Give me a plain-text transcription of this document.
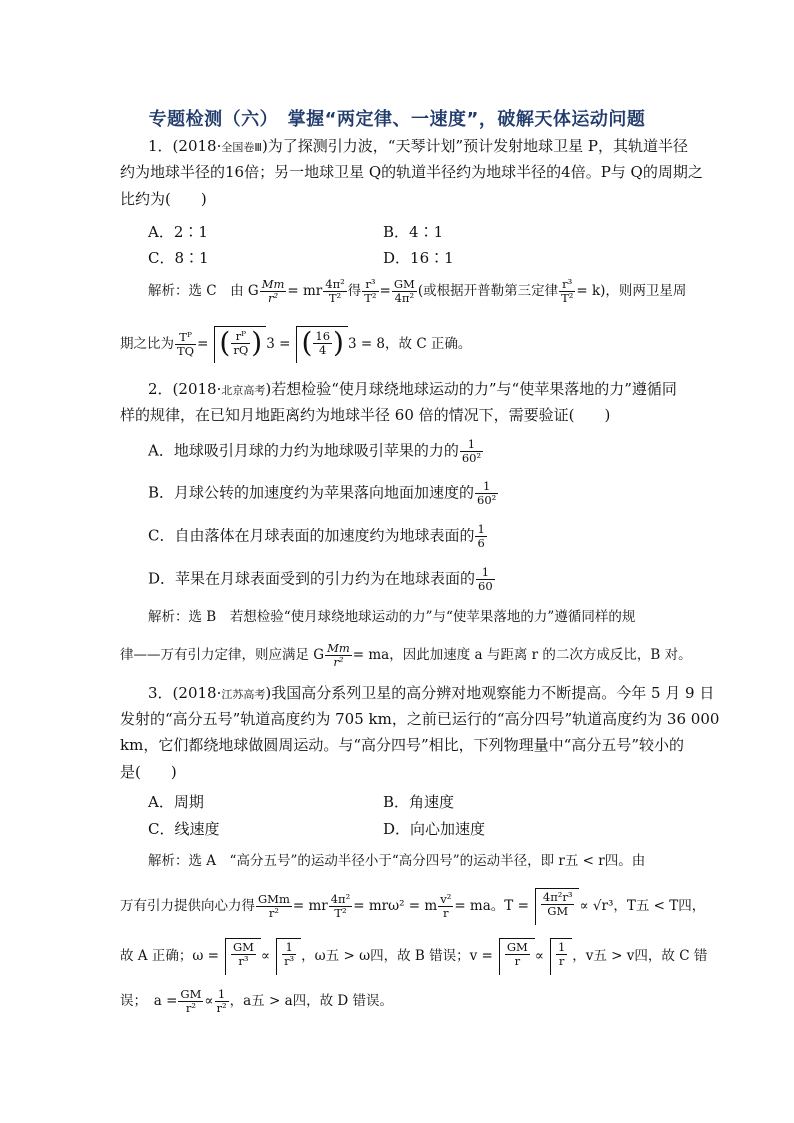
专题检测（六）　掌握“两定律、一速度”，破解天体运动问题
1．(2018·全国卷Ⅲ)为了探测引力波，“天琴计划”预计发射地球卫星 P，其轨道半径
约为地球半径的16倍；另一地球卫星 Q的轨道半径约为地球半径的4倍。P与 Q的周期之
比约为(　　)
A．2∶1	B．4∶1
C．8∶1	D．16∶1
解析：选 C　由 G $\frac{Mm}{\text{r²}}$ = mr $\frac{\text{4π²}}{\text{T²}}$ 得 $\frac{\text{r³}}{\text{T²}} = \frac{GM}{\text{4π²}}$ (或根据开普勒第三定律 $\frac{\text{r³}}{\text{T²}} = k$)，则两卫星周
期之比为 $\frac{\text{Tᴾ}}{TQ}$ = ( $\frac{\text{rᴾ}}{rQ}$ ) 3 = ( $\frac{16}{4}$ ) 3 = 8，故 C 正确。
2．(2018·北京高考)若想检验“使月球绕地球运动的力”与“使苹果落地的力”遵循同
样的规律，在已知月地距离约为地球半径 60 倍的情况下，需要验证(　　)
A．地球吸引月球的力约为地球吸引苹果的力的 $\frac{1}{\text{60²}}$
B．月球公转的加速度约为苹果落向地面加速度的 $\frac{1}{\text{60²}}$
C．自由落体在月球表面的加速度约为地球表面的 $\frac{1}{6}$
D．苹果在月球表面受到的引力约为在地球表面的 $\frac{1}{60}$
解析：选 B　若想检验“使月球绕地球运动的力”与“使苹果落地的力”遵循同样的规
律——万有引力定律，则应满足 G $\frac{Mm}{\text{r²}}$ = ma，因此加速度 a 与距离 r 的二次方成反比，B 对。
3．(2018·江苏高考)我国高分系列卫星的高分辨对地观察能力不断提高。今年 5 月 9 日
发射的“高分五号”轨道高度约为 705 km，之前已运行的“高分四号”轨道高度约为 36 000
km，它们都绕地球做圆周运动。与“高分四号”相比，下列物理量中“高分五号”较小的
是(　　)
A．周期	B．角速度
C．线速度	D．向心加速度
解析：选 A　“高分五号”的运动半径小于“高分四号”的运动半径，即 r五 < r四。由
万有引力提供向心力得 $\frac{\text{GMm}}{\text{r²}}$ = mr $\frac{\text{4π²}}{\text{T²}} = mr\omega^2 = m \frac{\text{v²}}{r}$ = ma。$T = \frac{\text{4π²r³}}{GM} \propto √r^3$，T五 < T四，
故 A 正确；$\omega = \frac{GM}{\text{r³}} \propto \frac{1}{\text{r³}}$ ，ω五 > ω四，故 B 错误；$v = \frac{GM}{r} \propto \frac{1}{r}$ ，v五 > v四，故 C 错
误；　$a = \frac{GM}{\text{r²}} \propto \frac{1}{\text{r²}}$ ，a五 > a四，故 D 错误。
